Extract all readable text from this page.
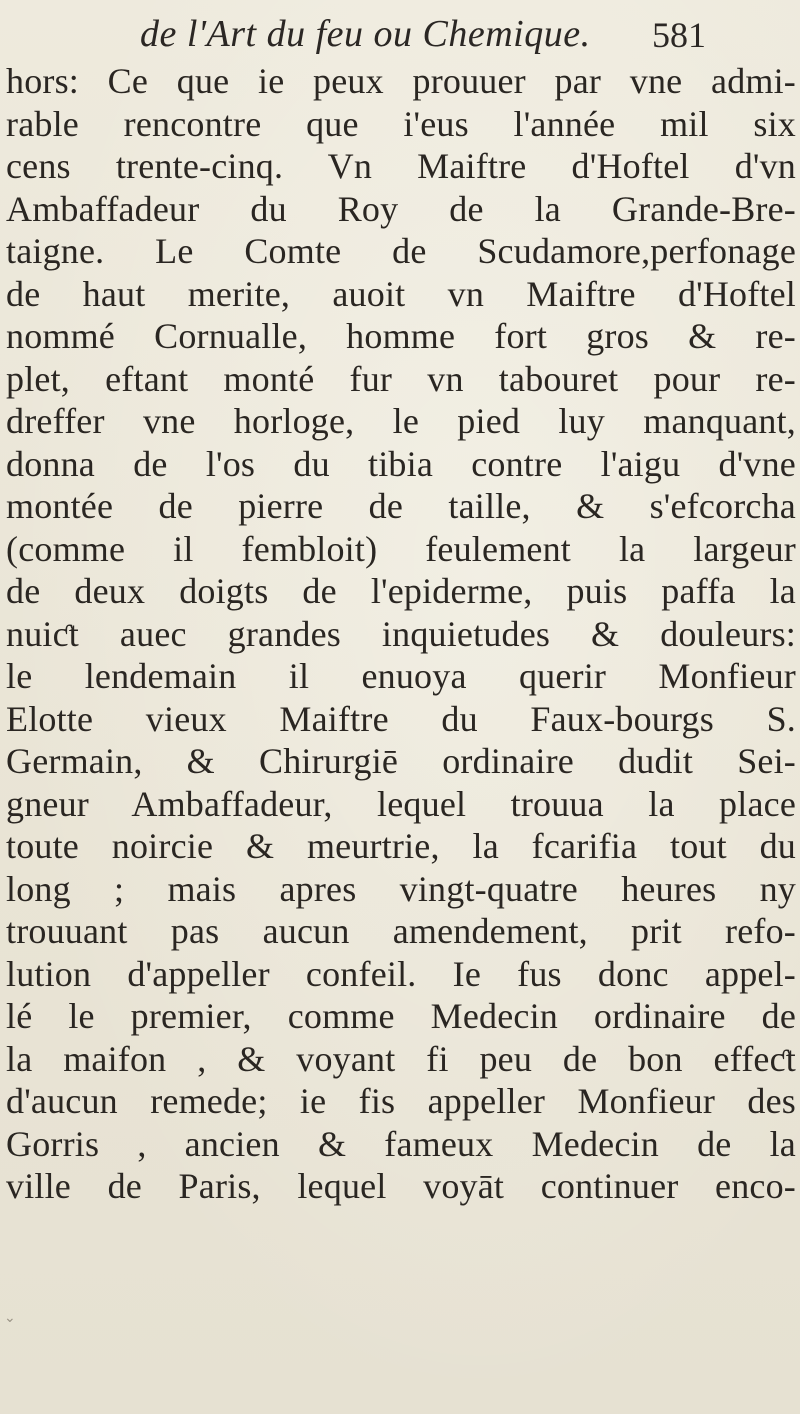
de l'Art du feu ou Chemique. 581
hors: Ce que ie peux prouuer par vne admi-
rable rencontre que i'eus l'année mil six
cens trente-cinq. Vn Maiftre d'Hoftel d'vn
Ambaffadeur du Roy de la Grande-Bre-
taigne. Le Comte de Scudamore,perfonage
de haut merite, auoit vn Maiftre d'Hoftel
nommé Cornualle, homme fort gros & re-
plet, eftant monté fur vn tabouret pour re-
dreffer vne horloge, le pied luy manquant,
donna de l'os du tibia contre l'aigu d'vne
montée de pierre de taille, & s'efcorcha
(comme il fembloit) feulement la largeur
de deux doigts de l'epiderme, puis paffa la
nuiƈt auec grandes inquietudes & douleurs:
le lendemain il enuoya querir Monfieur
Elotte vieux Maiftre du Faux-bourgs S.
Germain, & Chirurgiē ordinaire dudit Sei-
gneur Ambaffadeur, lequel trouua la place
toute noircie & meurtrie, la fcarifia tout du
long ; mais apres vingt-quatre heures ny
trouuant pas aucun amendement, prit refo-
lution d'appeller confeil. Ie fus donc appel-
lé le premier, comme Medecin ordinaire de
la maifon , & voyant fi peu de bon effeƈt
d'aucun remede; ie fis appeller Monfieur des
Gorris , ancien & fameux Medecin de la
ville de Paris, lequel voyāt continuer enco-
⌄
